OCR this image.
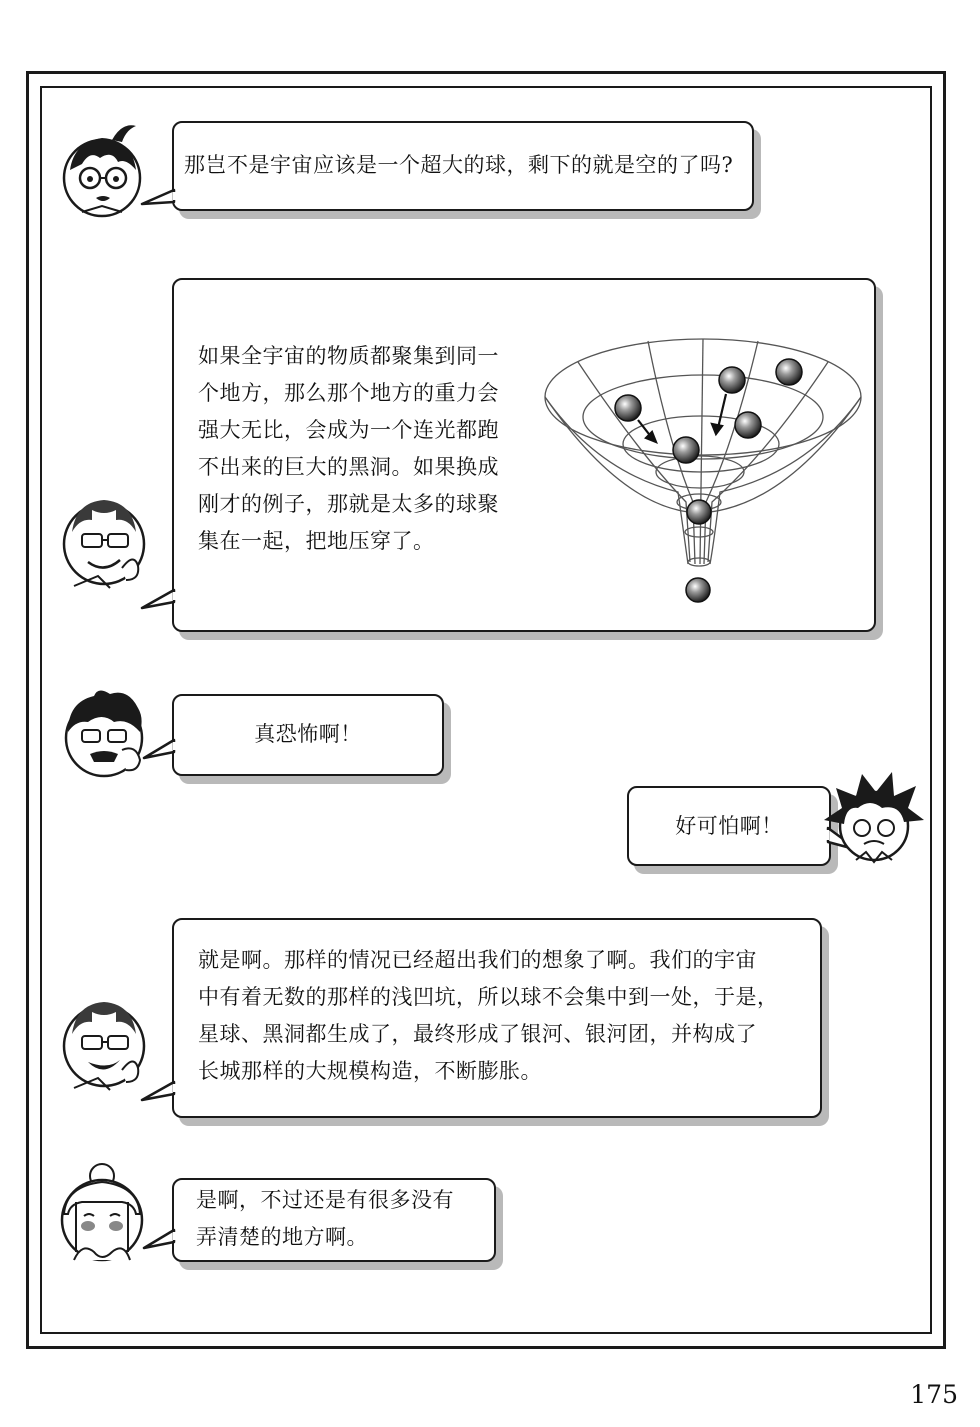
那岂不是宇宙应该是一个超大的球，剩下的就是空的了吗?
如果全宇宙的物质都聚集到同一
个地方，那么那个地方的重力会
强大无比，会成为一个连光都跑
不出来的巨大的黑洞。如果换成
刚才的例子，那就是太多的球聚
集在一起，把地压穿了。
真恐怖啊！
好可怕啊！
就是啊。那样的情况已经超出我们的想象了啊。我们的宇宙
中有着无数的那样的浅凹坑，所以球不会集中到一处，于是，
星球、黑洞都生成了，最终形成了银河、银河团，并构成了
长城那样的大规模构造，不断膨胀。
是啊，不过还是有很多没有
弄清楚的地方啊。
175
